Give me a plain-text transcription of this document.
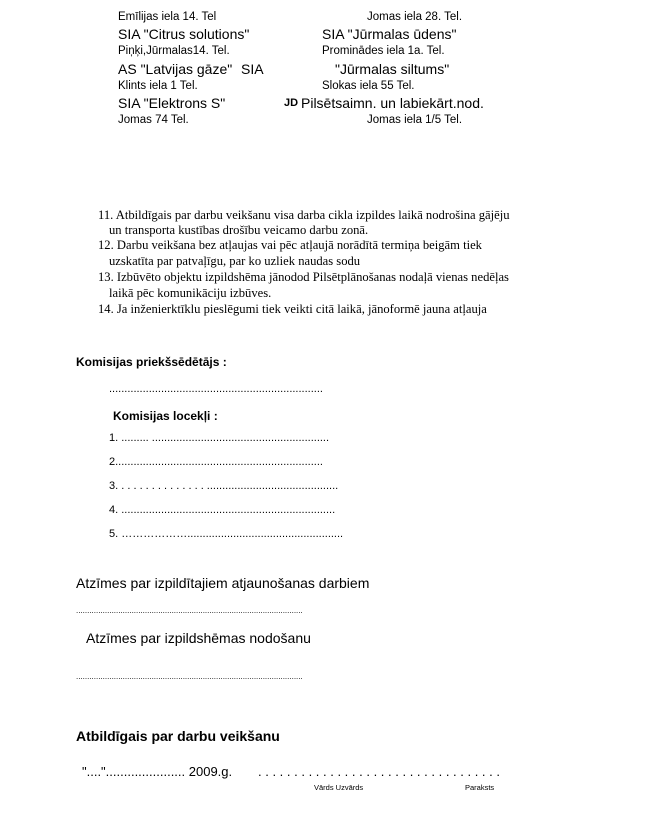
Emīlijas iela 14. Tel	Jomas iela 28. Tel.
SIA "Citrus solutions"	SIA "Jūrmalas ūdens"
Piņķi,Jūrmalas14. Tel.	Prominādes iela 1a. Tel.
AS "Latvijas gāze" SIA	"Jūrmalas siltums"
Klints iela 1 Tel.	Slokas iela 55 Tel.
SIA "Elektrons S"	JD Pilsētsaimn. un labiekārt.nod.
Jomas 74 Tel.	Jomas iela 1/5 Tel.
11. Atbildīgais par darbu veikšanu visa darba cikla izpildes laikā nodrošina gājēju
un transporta kustības drošību veicamo darbu zonā.
12. Darbu veikšana bez atļaujas vai pēc atļaujā norādītā termiņa beigām tiek
uzskatīta par patvaļīgu, par ko uzliek naudas sodu
13. Izbūvēto objektu izpildshēma jānodod Pilsētplānošanas nodaļā vienas nedēļas
laikā pēc komunikāciju izbūves.
14. Ja inženierktīklu pieslēgumi tiek veikti citā laikā, jānoformē jauna atļauja
Komisijas priekšsēdētājs :
......................................................................
Komisijas locekļi :
1. ......... ..........................................................
2....................................................................
3. . . . . . . . . . . . . . . ...........................................
4. ......................................................................
5. ………………...................................................
Atzīmes par izpildītajiem atjaunošanas darbiem
......................................................................................................
Atzīmes par izpildshēmas nodošanu
......................................................................................................
Atbildīgais par darbu veikšanu
"...."...................... 2009.g. . . . . . . . . . . . . . . . . . . . . . . . . . . . . . . . . . .
Vārds Uzvārds	Paraksts
